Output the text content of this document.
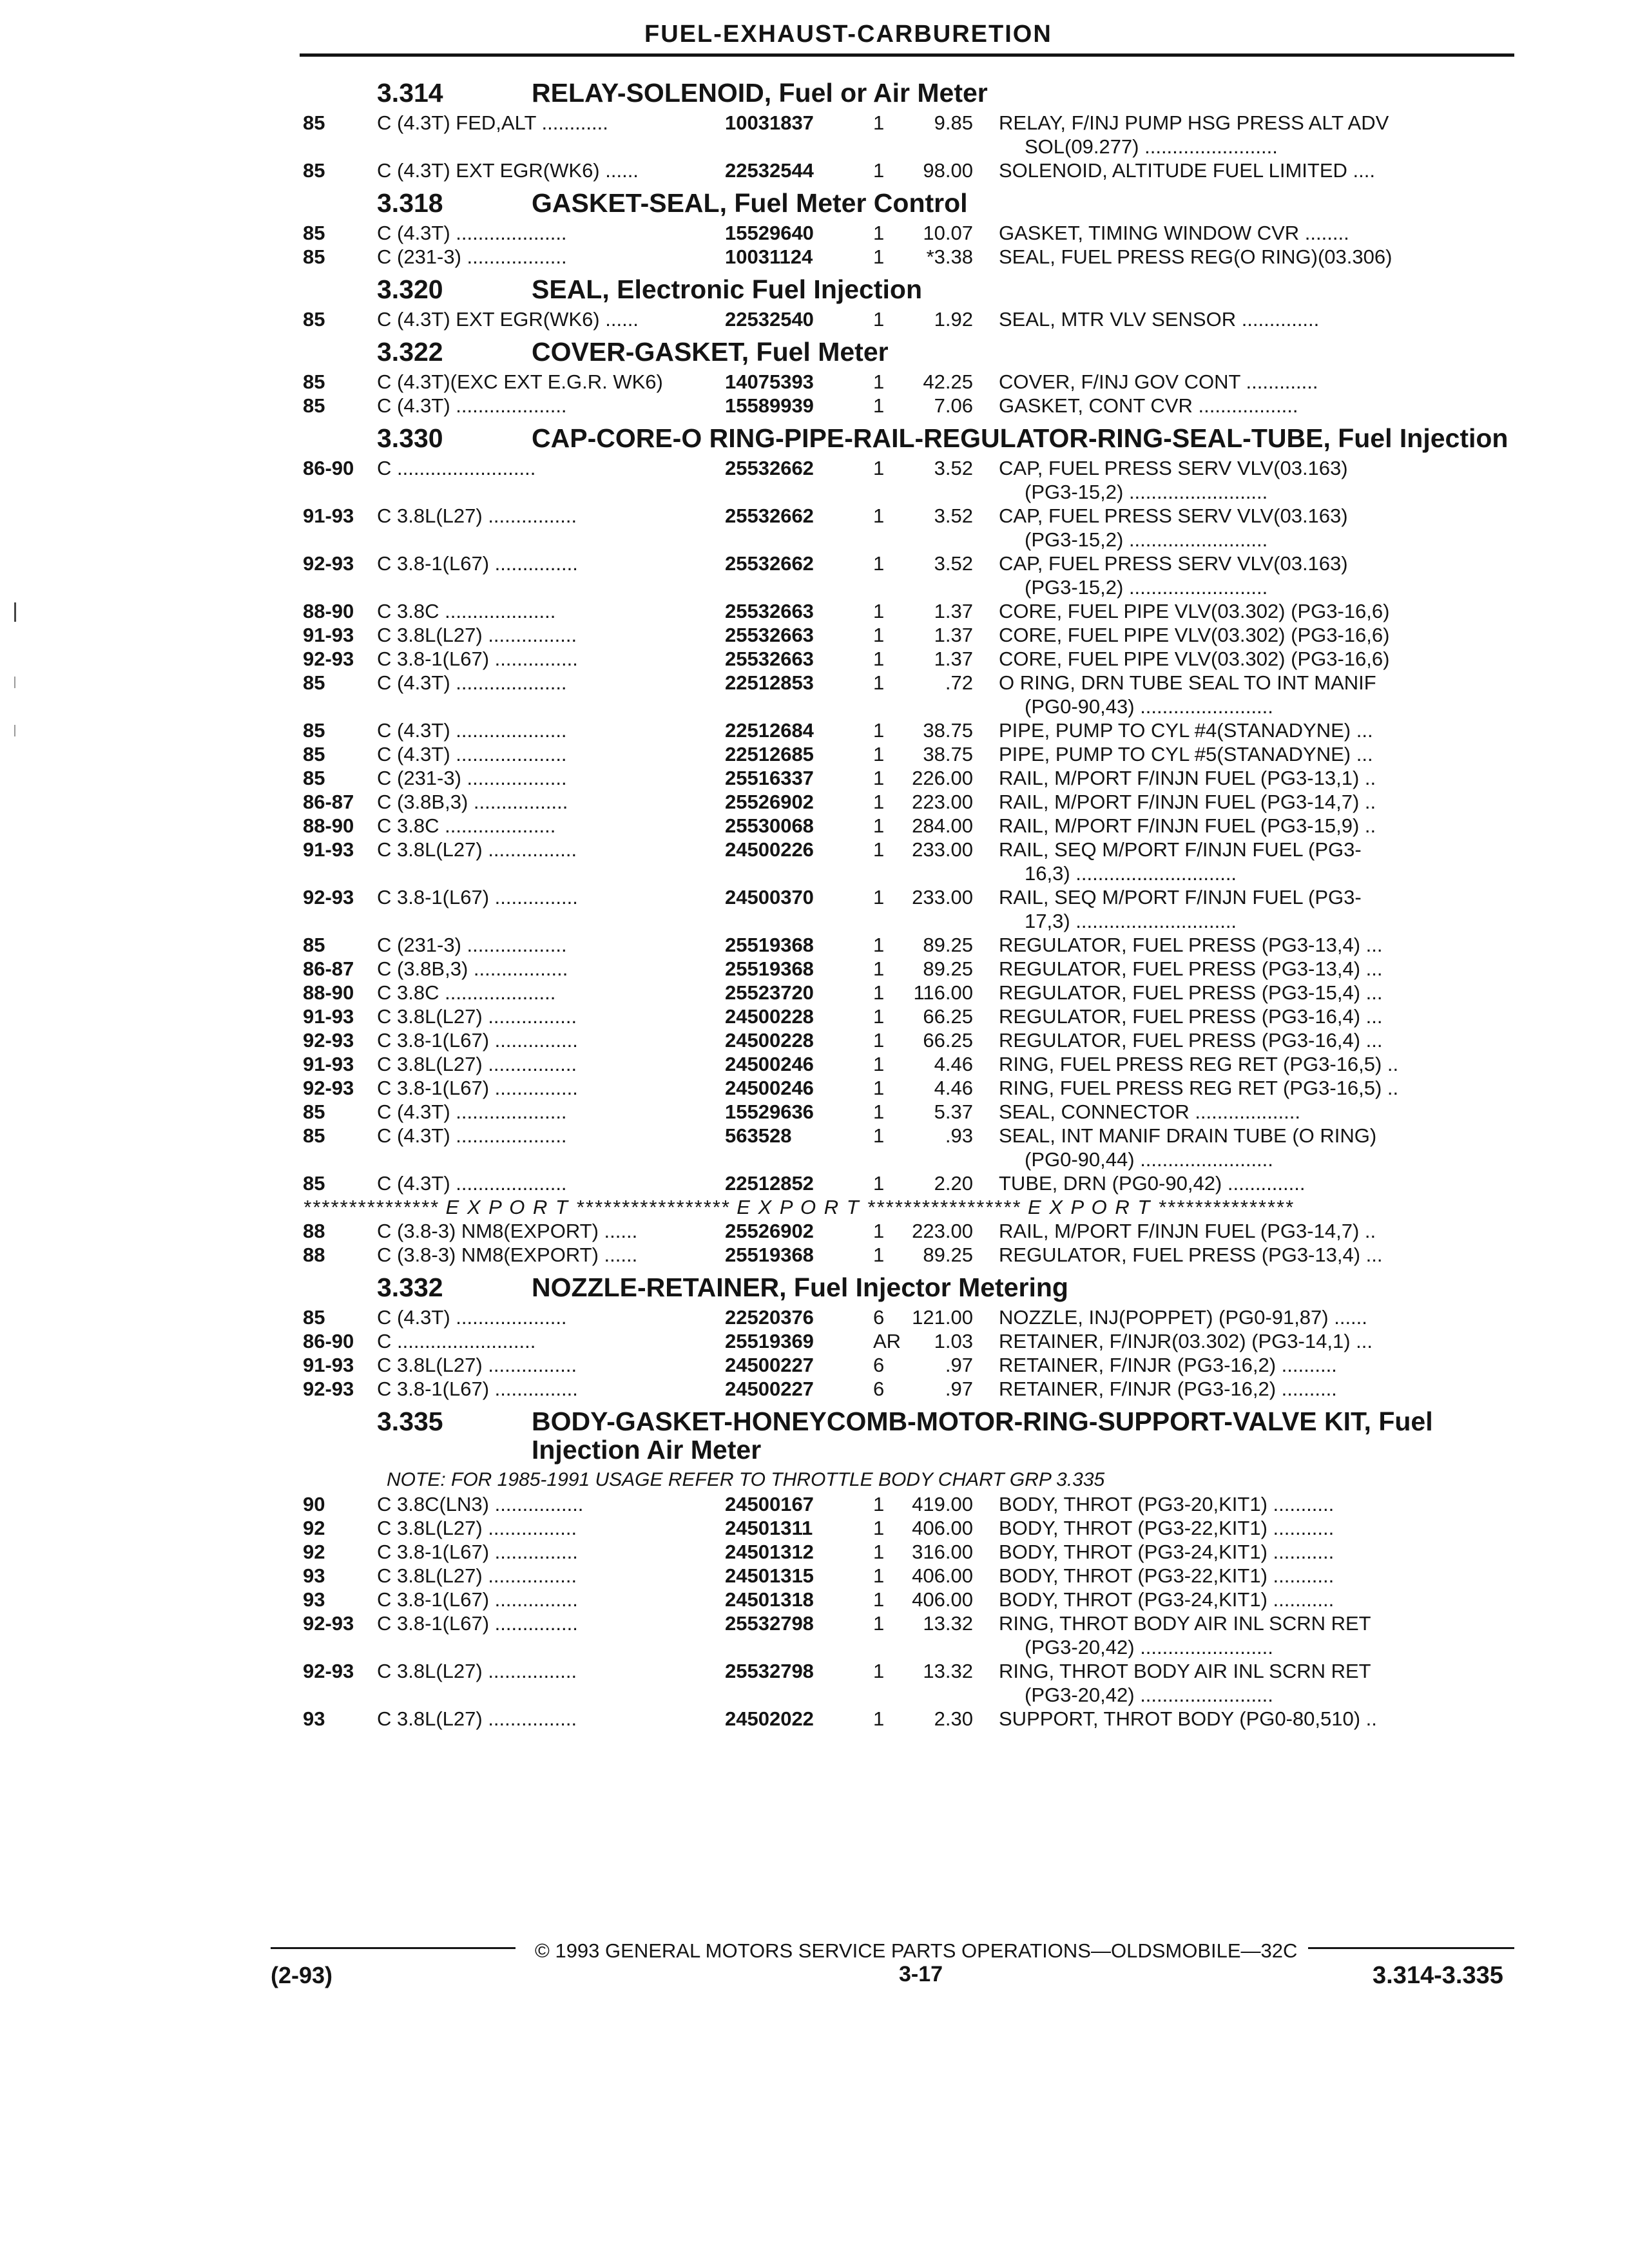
FUEL-EXHAUST-CARBURETION
3.314	RELAY-SOLENOID, Fuel or Air Meter
85	C (4.3T) FED,ALT ............	10031837	1	9.85	RELAY, F/INJ PUMP HSG PRESS ALT ADV
SOL(09.277) ........................
85	C (4.3T) EXT EGR(WK6) ......	22532544	1	98.00	SOLENOID, ALTITUDE FUEL LIMITED ....
3.318	GASKET-SEAL, Fuel Meter Control
85	C (4.3T) ....................	15529640	1	10.07	GASKET, TIMING WINDOW CVR ........
85	C (231-3) ..................	10031124	1	*3.38	SEAL, FUEL PRESS REG(O RING)(03.306)
3.320	SEAL, Electronic Fuel Injection
85	C (4.3T) EXT EGR(WK6) ......	22532540	1	1.92	SEAL, MTR VLV SENSOR ..............
3.322	COVER-GASKET, Fuel Meter
85	C (4.3T)(EXC EXT E.G.R. WK6)	14075393	1	42.25	COVER, F/INJ GOV CONT .............
85	C (4.3T) ....................	15589939	1	7.06	GASKET, CONT CVR ..................
3.330	CAP-CORE-O RING-PIPE-RAIL-REGULATOR-RING-SEAL-TUBE, Fuel Injection
86-90	C .........................	25532662	1	3.52	CAP, FUEL PRESS SERV VLV(03.163)
(PG3-15,2) .........................
91-93	C 3.8L(L27) ................	25532662	1	3.52	CAP, FUEL PRESS SERV VLV(03.163)
(PG3-15,2) .........................
92-93	C 3.8-1(L67) ...............	25532662	1	3.52	CAP, FUEL PRESS SERV VLV(03.163)
(PG3-15,2) .........................
88-90	C 3.8C ....................	25532663	1	1.37	CORE, FUEL PIPE VLV(03.302) (PG3-16,6)
91-93	C 3.8L(L27) ................	25532663	1	1.37	CORE, FUEL PIPE VLV(03.302) (PG3-16,6)
92-93	C 3.8-1(L67) ...............	25532663	1	1.37	CORE, FUEL PIPE VLV(03.302) (PG3-16,6)
85	C (4.3T) ....................	22512853	1	.72	O RING, DRN TUBE SEAL TO INT MANIF
(PG0-90,43) ........................
85	C (4.3T) ....................	22512684	1	38.75	PIPE, PUMP TO CYL #4(STANADYNE) ...
85	C (4.3T) ....................	22512685	1	38.75	PIPE, PUMP TO CYL #5(STANADYNE) ...
85	C (231-3) ..................	25516337	1	226.00	RAIL, M/PORT F/INJN FUEL (PG3-13,1) ..
86-87	C (3.8B,3) .................	25526902	1	223.00	RAIL, M/PORT F/INJN FUEL (PG3-14,7) ..
88-90	C 3.8C ....................	25530068	1	284.00	RAIL, M/PORT F/INJN FUEL (PG3-15,9) ..
91-93	C 3.8L(L27) ................	24500226	1	233.00	RAIL, SEQ M/PORT F/INJN FUEL (PG3-
16,3) .............................
92-93	C 3.8-1(L67) ...............	24500370	1	233.00	RAIL, SEQ M/PORT F/INJN FUEL (PG3-
17,3) .............................
85	C (231-3) ..................	25519368	1	89.25	REGULATOR, FUEL PRESS (PG3-13,4) ...
86-87	C (3.8B,3) .................	25519368	1	89.25	REGULATOR, FUEL PRESS (PG3-13,4) ...
88-90	C 3.8C ....................	25523720	1	116.00	REGULATOR, FUEL PRESS (PG3-15,4) ...
91-93	C 3.8L(L27) ................	24500228	1	66.25	REGULATOR, FUEL PRESS (PG3-16,4) ...
92-93	C 3.8-1(L67) ...............	24500228	1	66.25	REGULATOR, FUEL PRESS (PG3-16,4) ...
91-93	C 3.8L(L27) ................	24500246	1	4.46	RING, FUEL PRESS REG RET (PG3-16,5) ..
92-93	C 3.8-1(L67) ...............	24500246	1	4.46	RING, FUEL PRESS REG RET (PG3-16,5) ..
85	C (4.3T) ....................	15529636	1	5.37	SEAL, CONNECTOR ...................
85	C (4.3T) ....................	563528	1	.93	SEAL, INT MANIF DRAIN TUBE (O RING)
(PG0-90,44) ........................
85	C (4.3T) ....................	22512852	1	2.20	TUBE, DRN (PG0-90,42) ..............
*************** E X P O R T ***************** E X P O R T ***************** E X P O R T ***************
88	C (3.8-3) NM8(EXPORT) ......	25526902	1	223.00	RAIL, M/PORT F/INJN FUEL (PG3-14,7) ..
88	C (3.8-3) NM8(EXPORT) ......	25519368	1	89.25	REGULATOR, FUEL PRESS (PG3-13,4) ...
3.332	NOZZLE-RETAINER, Fuel Injector Metering
85	C (4.3T) ....................	22520376	6	121.00	NOZZLE, INJ(POPPET) (PG0-91,87) ......
86-90	C .........................	25519369	AR	1.03	RETAINER, F/INJR(03.302) (PG3-14,1) ...
91-93	C 3.8L(L27) ................	24500227	6	.97	RETAINER, F/INJR (PG3-16,2) ..........
92-93	C 3.8-1(L67) ...............	24500227	6	.97	RETAINER, F/INJR (PG3-16,2) ..........
3.335	BODY-GASKET-HONEYCOMB-MOTOR-RING-SUPPORT-VALVE KIT, Fuel Injection Air Meter
NOTE: FOR 1985-1991 USAGE REFER TO THROTTLE BODY CHART GRP 3.335
90	C 3.8C(LN3) ................	24500167	1	419.00	BODY, THROT (PG3-20,KIT1) ...........
92	C 3.8L(L27) ................	24501311	1	406.00	BODY, THROT (PG3-22,KIT1) ...........
92	C 3.8-1(L67) ...............	24501312	1	316.00	BODY, THROT (PG3-24,KIT1) ...........
93	C 3.8L(L27) ................	24501315	1	406.00	BODY, THROT (PG3-22,KIT1) ...........
93	C 3.8-1(L67) ...............	24501318	1	406.00	BODY, THROT (PG3-24,KIT1) ...........
92-93	C 3.8-1(L67) ...............	25532798	1	13.32	RING, THROT BODY AIR INL SCRN RET
(PG3-20,42) ........................
92-93	C 3.8L(L27) ................	25532798	1	13.32	RING, THROT BODY AIR INL SCRN RET
(PG3-20,42) ........................
93	C 3.8L(L27) ................	24502022	1	2.30	SUPPORT, THROT BODY (PG0-80,510) ..
© 1993 GENERAL MOTORS SERVICE PARTS OPERATIONS—OLDSMOBILE—32C
(2-93)	3-17	3.314-3.335
